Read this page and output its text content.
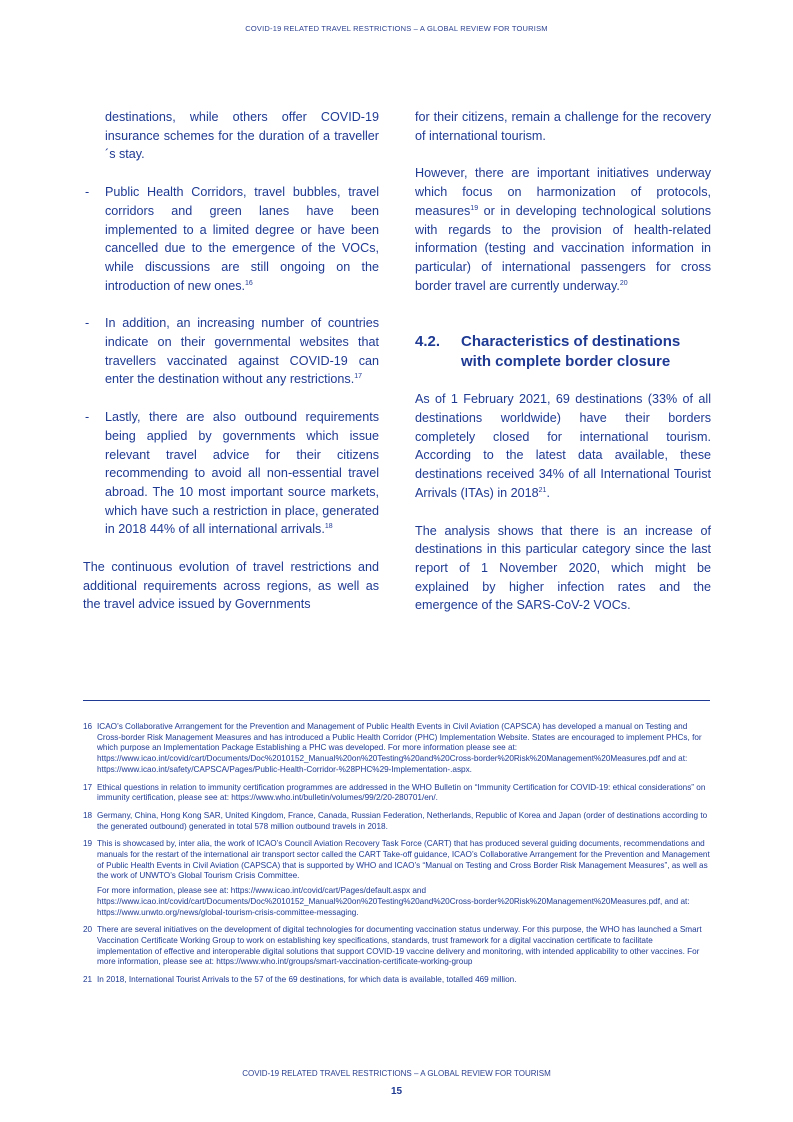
COVID-19 RELATED TRAVEL RESTRICTIONS – A GLOBAL REVIEW FOR TOURISM

destinations, while others offer COVID-19 insurance schemes for the duration of a traveller´s stay.

- Public Health Corridors, travel bubbles, travel corridors and green lanes have been implemented to a limited degree or have been cancelled due to the emergence of the VOCs, while discussions are still ongoing on the introduction of new ones.$^{16}$

- In addition, an increasing number of countries indicate on their governmental websites that travellers vaccinated against COVID-19 can enter the destination without any restrictions.$^{17}$

- Lastly, there are also outbound requirements being applied by governments which issue relevant travel advice for their citizens recommending to avoid all non-essential travel abroad. The 10 most important source markets, which have such a restriction in place, generated in 2018 44% of all international arrivals.$^{18}$

The continuous evolution of travel restrictions and additional requirements across regions, as well as the travel advice issued by Governments

for their citizens, remain a challenge for the recovery of international tourism.

However, there are important initiatives underway which focus on harmonization of protocols, measures$^{19}$ or in developing technological solutions with regards to the provision of health-related information (testing and vaccination information in particular) of international passengers for cross border travel are currently underway.$^{20}$

4.2.	Characteristics of destinations with complete border closure

As of 1 February 2021, 69 destinations (33% of all destinations worldwide) have their borders completely closed for international tourism. According to the latest data available, these destinations received 34% of all International Tourist Arrivals (ITAs) in 2018$^{21}$.

The analysis shows that there is an increase of destinations in this particular category since the last report of 1 November 2020, which might be explained by higher infection rates and the emergence of the SARS-CoV-2 VOCs.

16 ICAO’s Collaborative Arrangement for the Prevention and Management of Public Health Events in Civil Aviation (CAPSCA) has developed a manual on Testing and Cross-border Risk Management Measures and has introduced a Public Health Corridor (PHC) Implementation Website. States are encouraged to implement PHCs, for which purpose an Implementation Package Establishing a PHC was developed. For more information please see at: https://www.icao.int/covid/cart/Documents/Doc%2010152_Manual%20on%20Testing%20and%20Cross-border%20Risk%20Management%20Measures.pdf and at: https://www.icao.int/safety/CAPSCA/Pages/Public-Health-Corridor-%28PHC%29-Implementation-.aspx.

17 Ethical questions in relation to immunity certification programmes are addressed in the WHO Bulletin on “Immunity Certification for COVID-19: ethical considerations” on immunity certification, please see at: https://www.who.int/bulletin/volumes/99/2/20-280701/en/.

18 Germany, China, Hong Kong SAR, United Kingdom, France, Canada, Russian Federation, Netherlands, Republic of Korea and Japan (order of destinations according to the generated outbound) generated in total 578 million outbound travels in 2018.

19 This is showcased by, inter alia, the work of ICAO’s Council Aviation Recovery Task Force (CART) that has produced several guiding documents, recommendations and manuals for the restart of the international air transport sector called the CART Take-off guidance, ICAO’s Collaborative Arrangement for the Prevention and Management of Public Health Events in Civil Aviation (CAPSCA) that is supported by WHO and ICAO’s “Manual on Testing and Cross Border Risk Management Measures”, as well as the work of UNWTO’s Global Tourism Crisis Committee.

For more information, please see at: https://www.icao.int/covid/cart/Pages/default.aspx and https://www.icao.int/covid/cart/Documents/Doc%2010152_Manual%20on%20Testing%20and%20Cross-border%20Risk%20Management%20Measures.pdf, and at: https://www.unwto.org/news/global-tourism-crisis-committee-messaging.

20 There are several initiatives on the development of digital technologies for documenting vaccination status underway. For this purpose, the WHO has launched a Smart Vaccination Certificate Working Group to work on establishing key specifications, standards, trust framework for a digital vaccination certificate to facilitate implementation of effective and interoperable digital solutions that support COVID-19 vaccine delivery and monitoring, with intended applicability to other vaccines. For more information, please see at: https://www.who.int/groups/smart-vaccination-certificate-working-group

21 In 2018, International Tourist Arrivals to the 57 of the 69 destinations, for which data is available, totalled 469 million.

COVID-19 RELATED TRAVEL RESTRICTIONS – A GLOBAL REVIEW FOR TOURISM
15
